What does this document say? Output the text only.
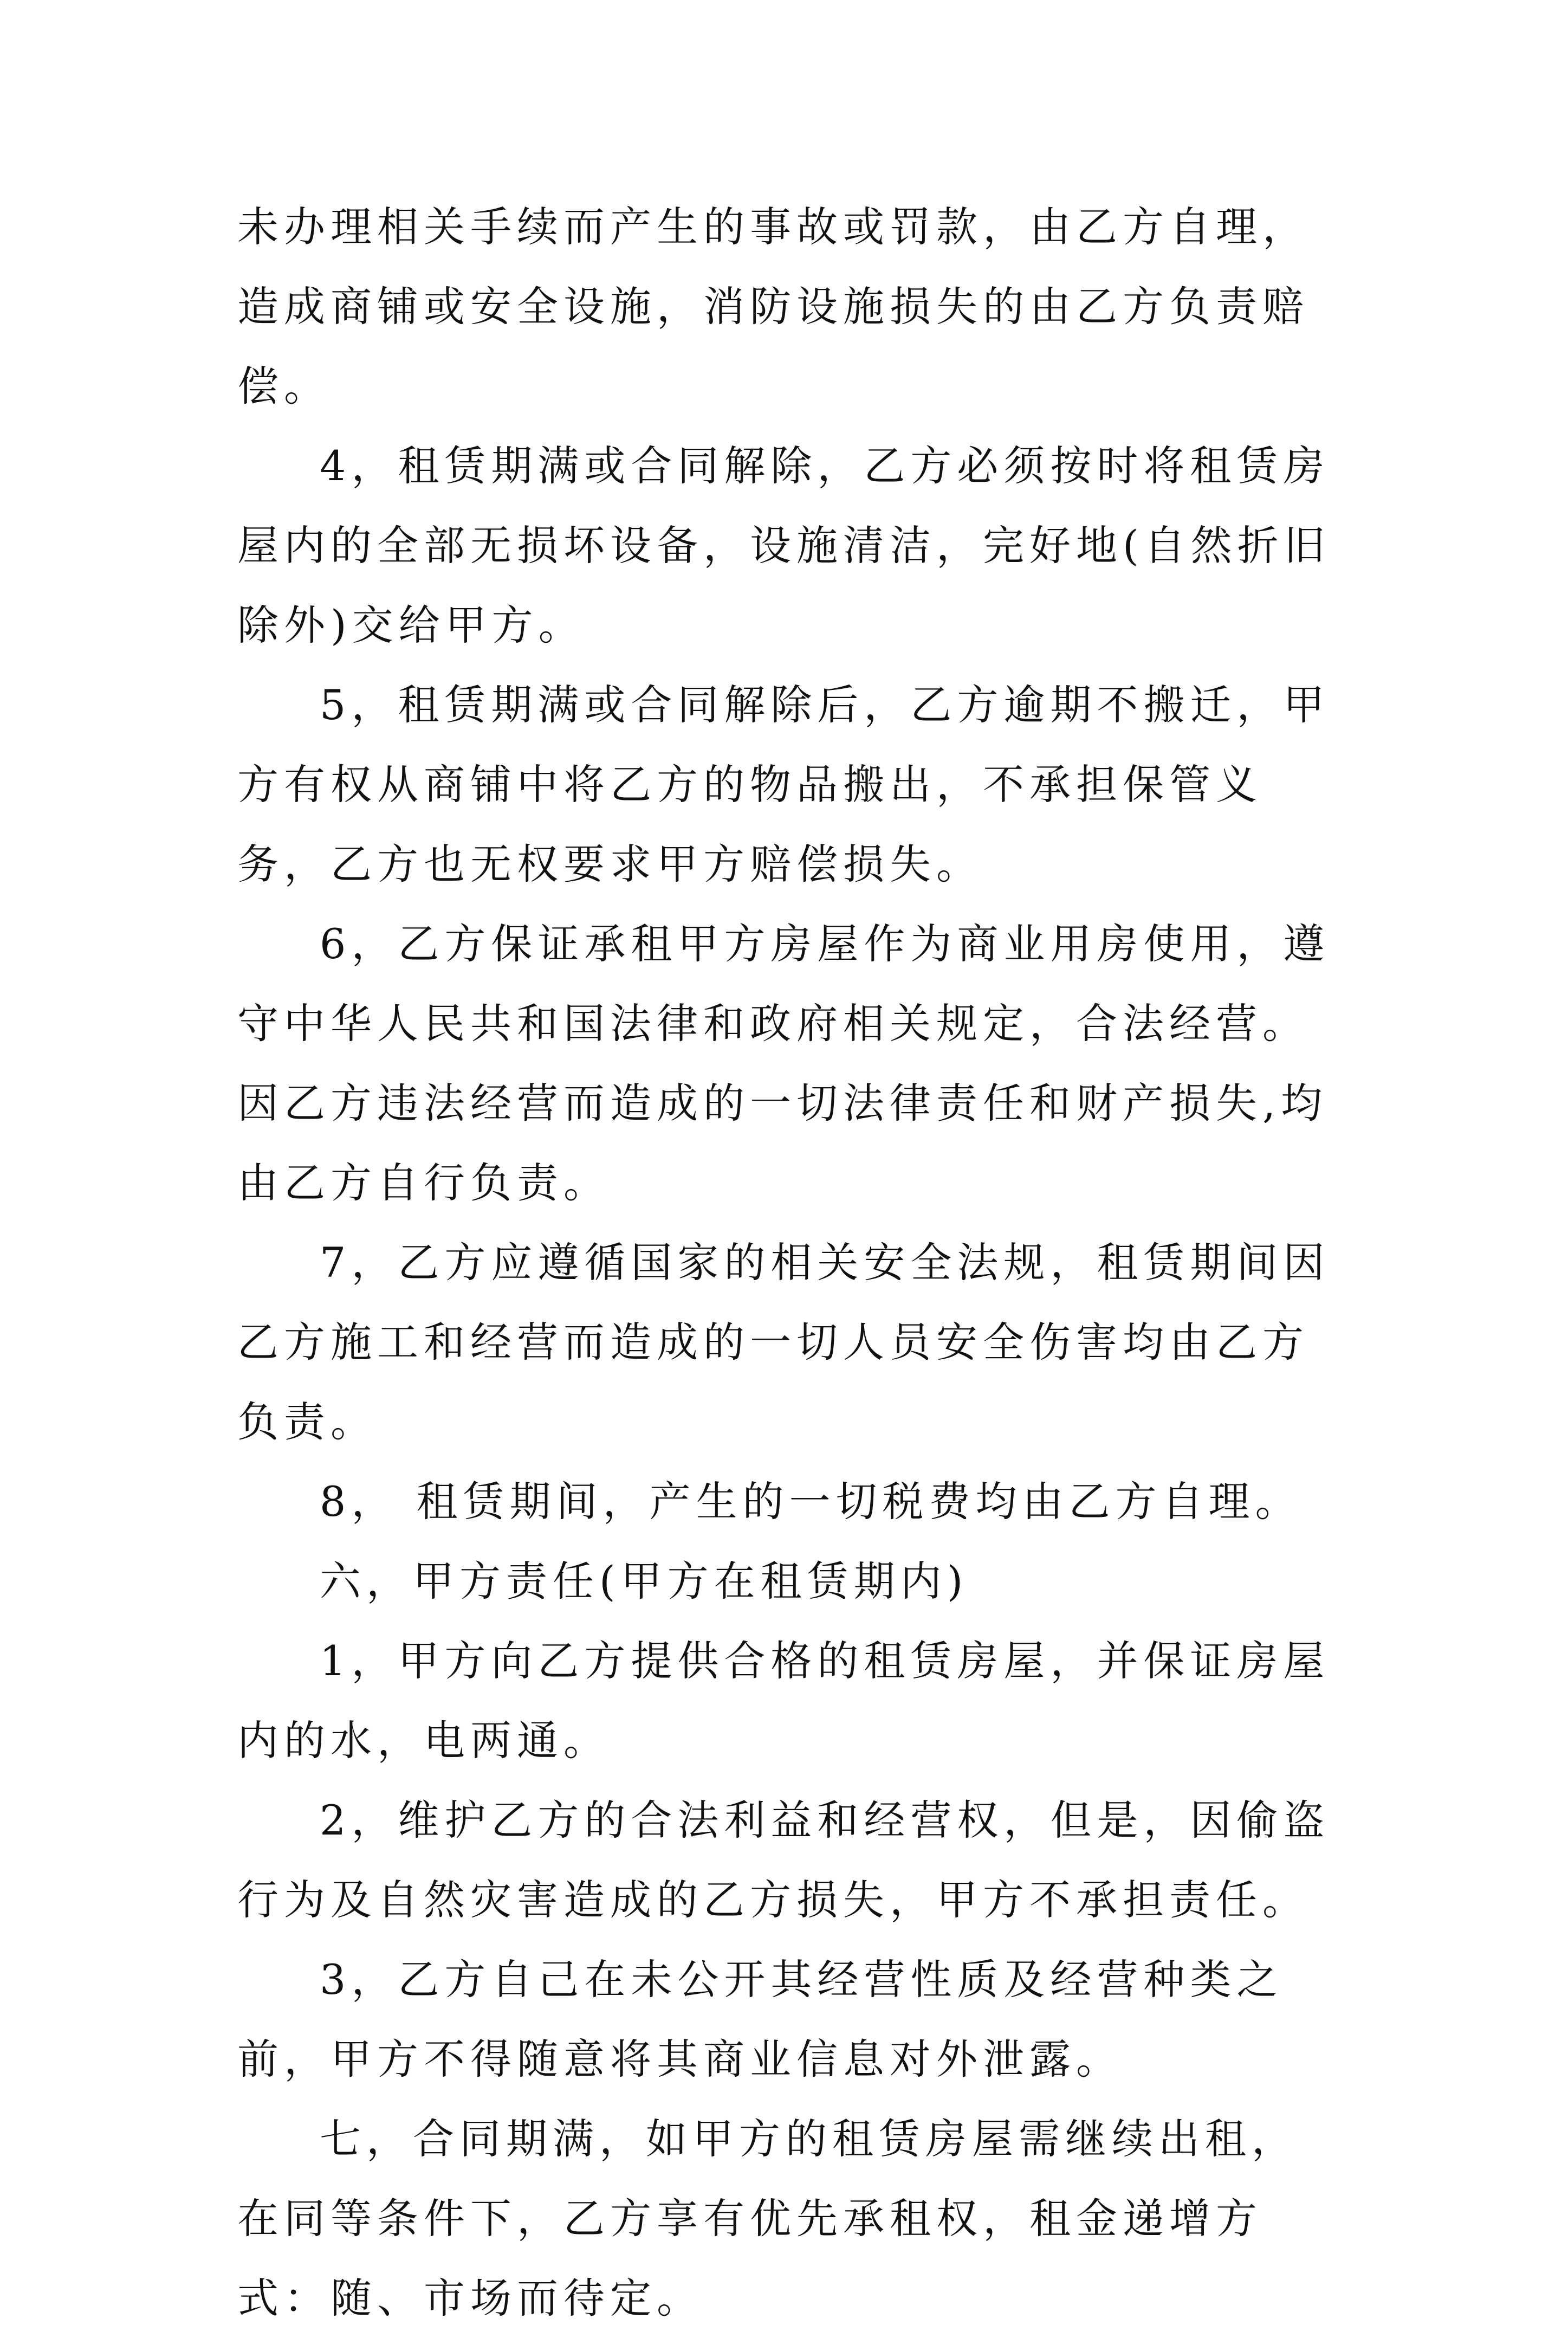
未办理相关手续而产生的事故或罚款，由乙方自理，造成商铺或安全设施，消防设施损失的由乙方负责赔偿。

4，租赁期满或合同解除，乙方必须按时将租赁房屋内的全部无损坏设备，设施清洁，完好地(自然折旧除外)交给甲方。

5，租赁期满或合同解除后，乙方逾期不搬迁，甲方有权从商铺中将乙方的物品搬出，不承担保管义务，乙方也无权要求甲方赔偿损失。

6，乙方保证承租甲方房屋作为商业用房使用，遵守中华人民共和国法律和政府相关规定，合法经营。因乙方违法经营而造成的一切法律责任和财产损失,均由乙方自行负责。

7，乙方应遵循国家的相关安全法规，租赁期间因乙方施工和经营而造成的一切人员安全伤害均由乙方负责。

8， 租赁期间，产生的一切税费均由乙方自理。

六，甲方责任(甲方在租赁期内)

1，甲方向乙方提供合格的租赁房屋，并保证房屋内的水，电两通。

2，维护乙方的合法利益和经营权，但是，因偷盗行为及自然灾害造成的乙方损失，甲方不承担责任。

3，乙方自己在未公开其经营性质及经营种类之前，甲方不得随意将其商业信息对外泄露。

七，合同期满，如甲方的租赁房屋需继续出租，在同等条件下，乙方享有优先承租权，租金递增方式：随、市场而待定。
